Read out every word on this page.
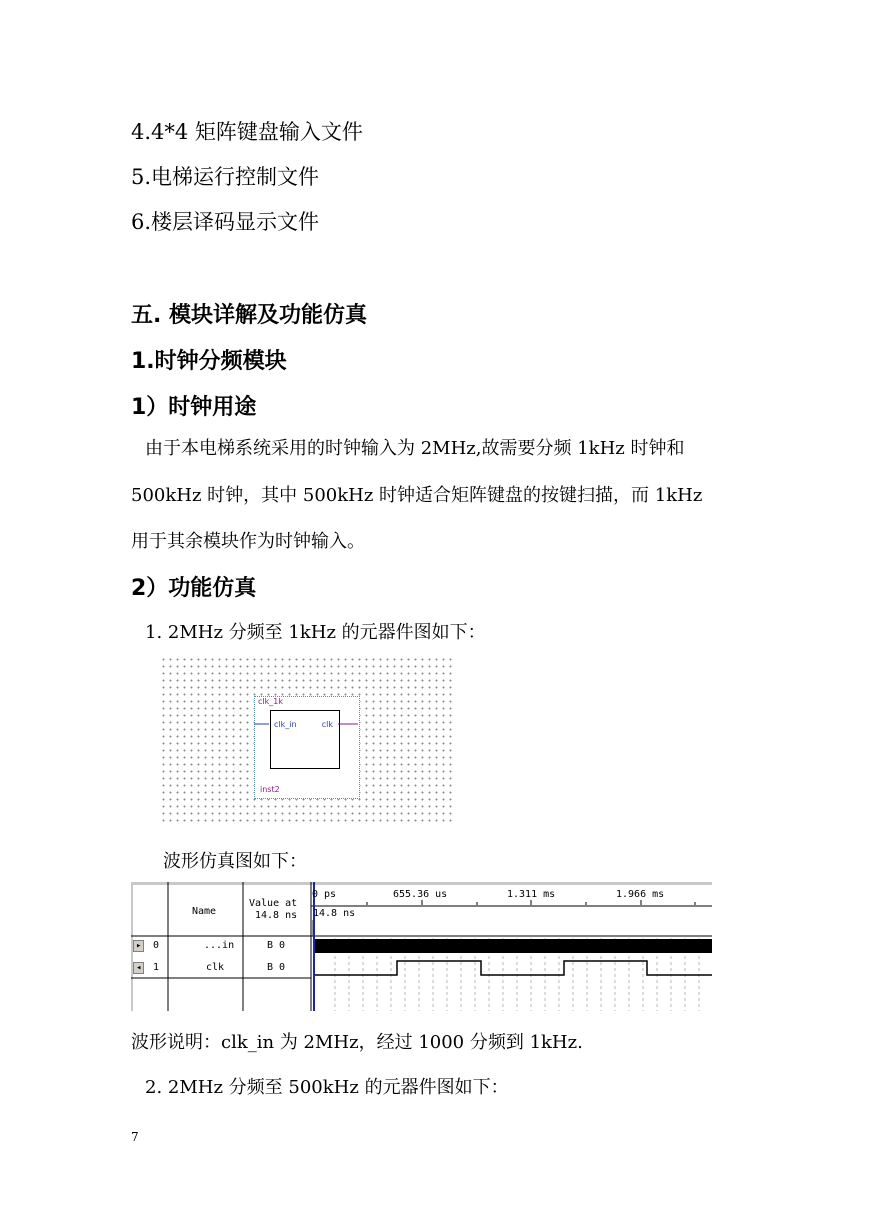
4.4*4 矩阵键盘输入文件
5.电梯运行控制文件
6.楼层译码显示文件
五. 模块详解及功能仿真
1.时钟分频模块
1）时钟用途
由于本电梯系统采用的时钟输入为 2MHz,故需要分频 1kHz 时钟和
500kHz 时钟，其中 500kHz 时钟适合矩阵键盘的按键扫描，而 1kHz
用于其余模块作为时钟输入。
2）功能仿真
1. 2MHz 分频至 1kHz 的元器件图如下：
clk_1k
clk_in	clk
inst2
波形仿真图如下：
Name
Value at
14.8 ns
0 ps	655.36 us	1.311 ms	1.966 ms
14.8 ns
▸	0	...in	B 0
◂	1	clk	B 0
波形说明：clk_in 为 2MHz，经过 1000 分频到 1kHz.
2. 2MHz 分频至 500kHz 的元器件图如下：
7
